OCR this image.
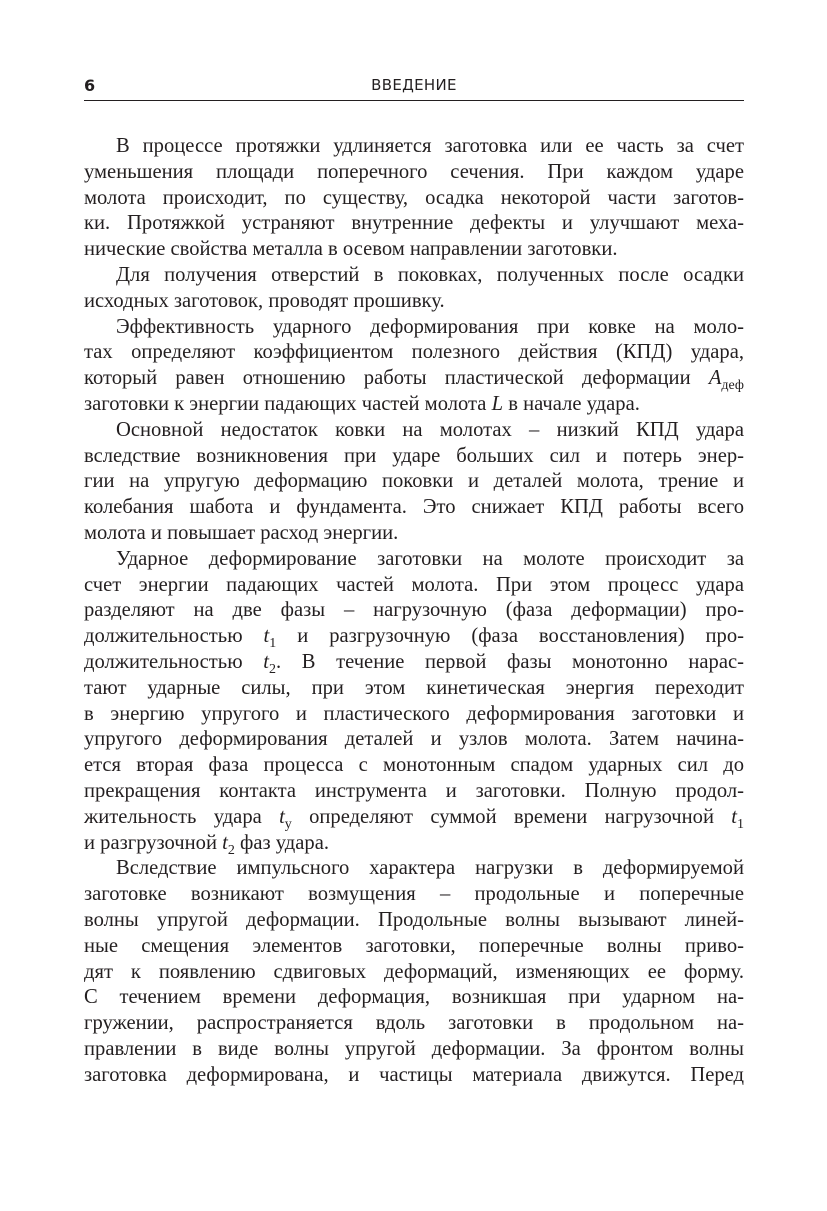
6	ВВЕДЕНИЕ
В процессе протяжки удлиняется заготовка или ее часть за счет
уменьшения площади поперечного сечения. При каждом ударе
молота происходит, по существу, осадка некоторой части заготов-
ки. Протяжкой устраняют внутренние дефекты и улучшают меха-
нические свойства металла в осевом направлении заготовки.
Для получения отверстий в поковках, полученных после осадки
исходных заготовок, проводят прошивку.
Эффективность ударного деформирования при ковке на моло-
тах определяют коэффициентом полезного действия (КПД) удара,
который равен отношению работы пластической деформации $A_{деф}$
заготовки к энергии падающих частей молота L в начале удара.
Основной недостаток ковки на молотах – низкий КПД удара
вследствие возникновения при ударе больших сил и потерь энер-
гии на упругую деформацию поковки и деталей молота, трение и
колебания шабота и фундамента. Это снижает КПД работы всего
молота и повышает расход энергии.
Ударное деформирование заготовки на молоте происходит за
счет энергии падающих частей молота. При этом процесс удара
разделяют на две фазы – нагрузочную (фаза деформации) про-
должительностью $t_1$ и разгрузочную (фаза восстановления) про-
должительностью $t_2$. В течение первой фазы монотонно нарас-
тают ударные силы, при этом кинетическая энергия переходит
в энергию упругого и пластического деформирования заготовки и
упругого деформирования деталей и узлов молота. Затем начина-
ется вторая фаза процесса с монотонным спадом ударных сил до
прекращения контакта инструмента и заготовки. Полную продол-
жительность удара $t_у$ определяют суммой времени нагрузочной $t_1$
и разгрузочной $t_2$ фаз удара.
Вследствие импульсного характера нагрузки в деформируемой
заготовке возникают возмущения – продольные и поперечные
волны упругой деформации. Продольные волны вызывают линей-
ные смещения элементов заготовки, поперечные волны приво-
дят к появлению сдвиговых деформаций, изменяющих ее форму.
С течением времени деформация, возникшая при ударном на-
гружении, распространяется вдоль заготовки в продольном на-
правлении в виде волны упругой деформации. За фронтом волны
заготовка деформирована, и частицы материала движутся. Перед
